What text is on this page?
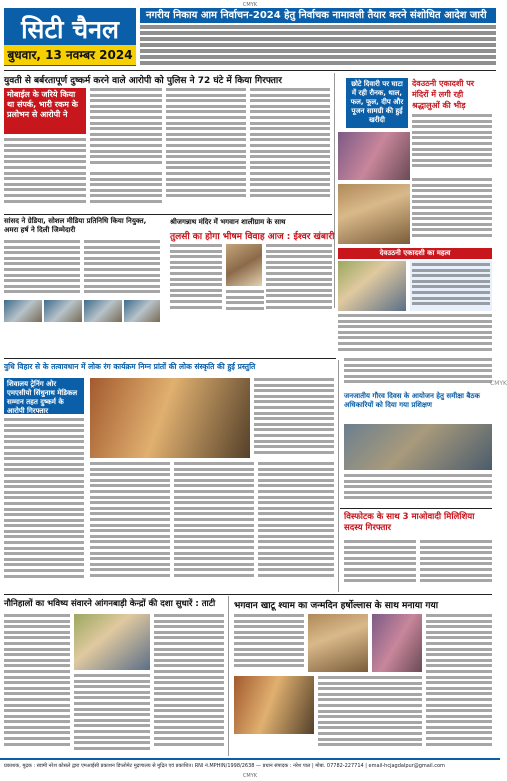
CMYK
सिटी चैनल
बुधवार, 13 नवम्बर 2024
नगरीय निकाय आम निर्वाचन-2024 हेतु निर्वाचक नामावली तैयार करने संशोधित आदेश जारी
युवती से बर्बरतापूर्ण दुष्कर्म करने वाले आरोपी को पुलिस ने 72 घंटे में किया गिरफ्तार
मोबाईल के जरिये किया था संपर्क, भारी रकम के प्रलोभन से आरोपी ने
छोटे दिवारी पर घाटा में रही रौनक, थाल, फल, फूल, दीप और पूजन सामग्री की हुई खरीदी
देवउठनी एकादशी पर मंदिरों में लगी रही श्रद्धालुओं की भीड़
देवउठनी एकादशी का महत्व
सांसद ने ग्रेडिया, सोशल मीडिया प्रतिनिधि किया नियुक्त, अमरा हर्ष ने दिली जिम्मेदारी
श्रीजगन्नाथ मंदिर में भगवान शालीग्राम के साथ
तुलसी का होगा भीषम विवाह आज : ईश्वर खंबारी
वुधि विहार से के तत्वावधान में लोक रंग कार्यक्रम निम्न प्रांतों की लोक संस्कृति की हुई प्रस्तुति
शिवालय ट्रेनिंग ओर एमएसीयो सिंधुनाथ मेडिकल सम्मान तहत दुष्कर्म के आरोपी गिरफ्तार
जनजातीय गौरव दिवस के आयोजन हेतु समीक्षा बैठक अधिकारियों को दिया गया प्रशिक्षण
विस्फोटक के साथ 3 माओवादी मिलिशिया सदस्य गिरफ्तार
नौनिहालों का भविष्य संवारने आंगनबाड़ी केन्द्रों की दशा सुधारें : ताटी	भगवान खाटू श्याम का जन्मदिन हर्षोल्लास के साथ मनाया गया
CMYK
प्रकाशक, मुद्रक : स्वामी नरेश कोसले द्वारा एमआईसी प्रकाशन डिप्लोमेट मुद्रणालय से मुद्रित एवं प्रकाशित। RNI नं.MPHIN/1998/2638 — प्रधान संपादक : नरेश पाल | मोबा. 07782-227714 | email-hcjagdalpur@gmail.com
CMYK
